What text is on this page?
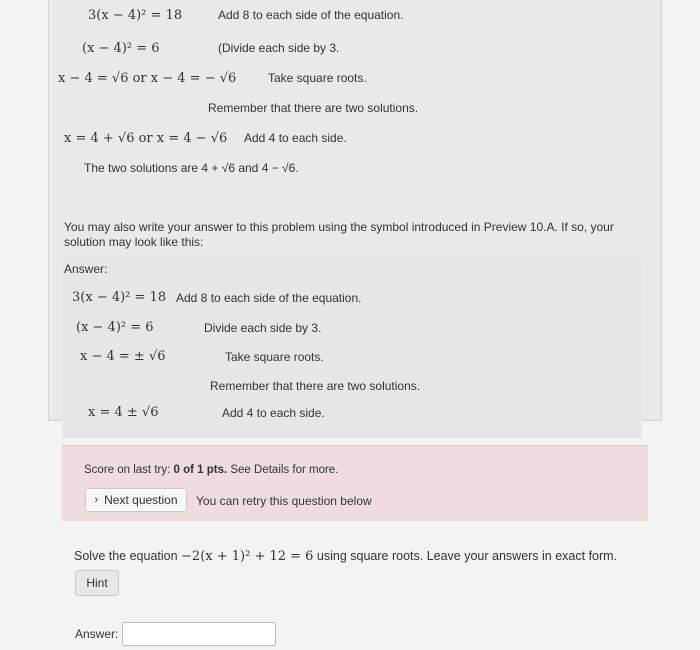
3(x − 4)² = 18	Add 8 to each side of the equation.
(x − 4)² = 6	(Divide each side by 3.
x − 4 = √6 or x − 4 = − √6	Take square roots.
Remember that there are two solutions.
x = 4 + √6 or x = 4 − √6 Add 4 to each side.
The two solutions are 4 + √6 and 4 − √6.
You may also write your answer to this problem using the symbol introduced in Preview 10.A. If so, your solution may look like this:
Answer:
3(x − 4)² = 18 Add 8 to each side of the equation.
(x − 4)² = 6	Divide each side by 3.
x − 4 = ± √6	Take square roots.
Remember that there are two solutions.
x = 4 ± √6	Add 4 to each side.
Score on last try: 0 of 1 pts. See Details for more.
› Next question You can retry this question below
Solve the equation −2(x + 1)² + 12 = 6 using square roots. Leave your answers in exact form.
Hint
Answer:
